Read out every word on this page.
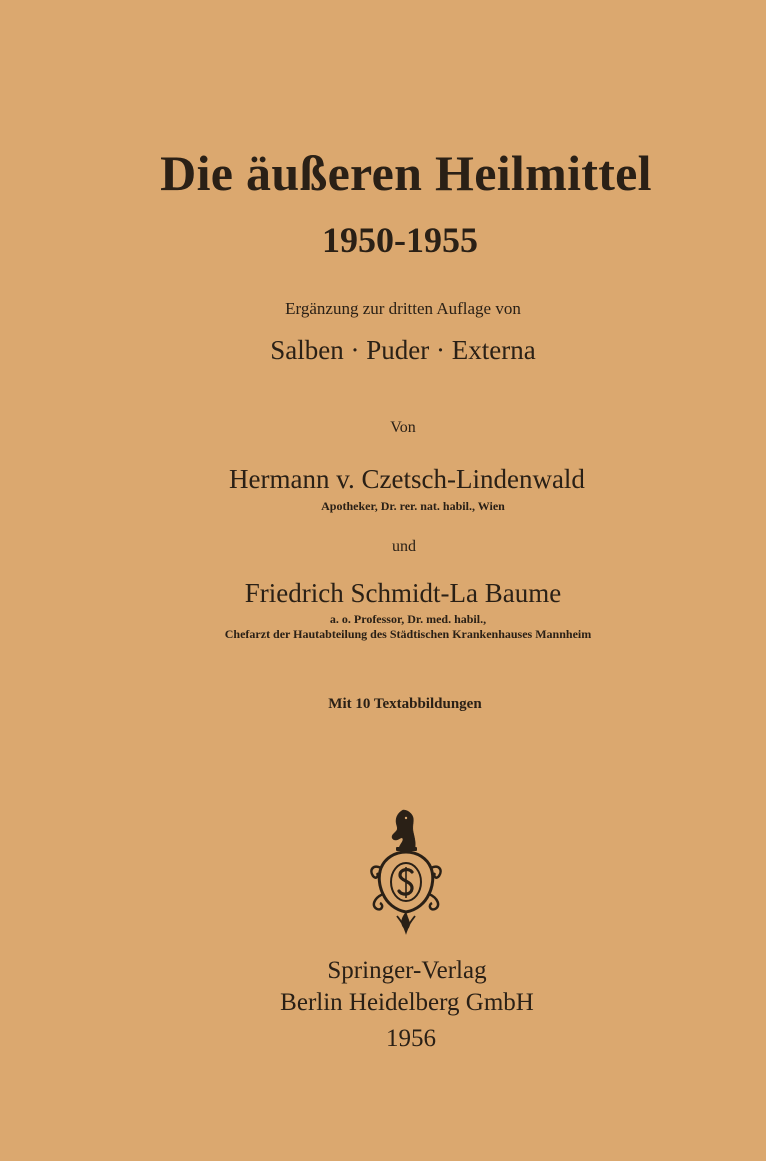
Die äußeren Heilmittel
1950-1955
Ergänzung zur dritten Auflage von
Salben · Puder · Externa
Von
Hermann v. Czetsch-Lindenwald
Apotheker, Dr. rer. nat. habil., Wien
und
Friedrich Schmidt-La Baume
a. o. Professor, Dr. med. habil.,
Chefarzt der Hautabteilung des Städtischen Krankenhauses Mannheim
Mit 10 Textabbildungen
Springer-Verlag
Berlin Heidelberg GmbH
1956
